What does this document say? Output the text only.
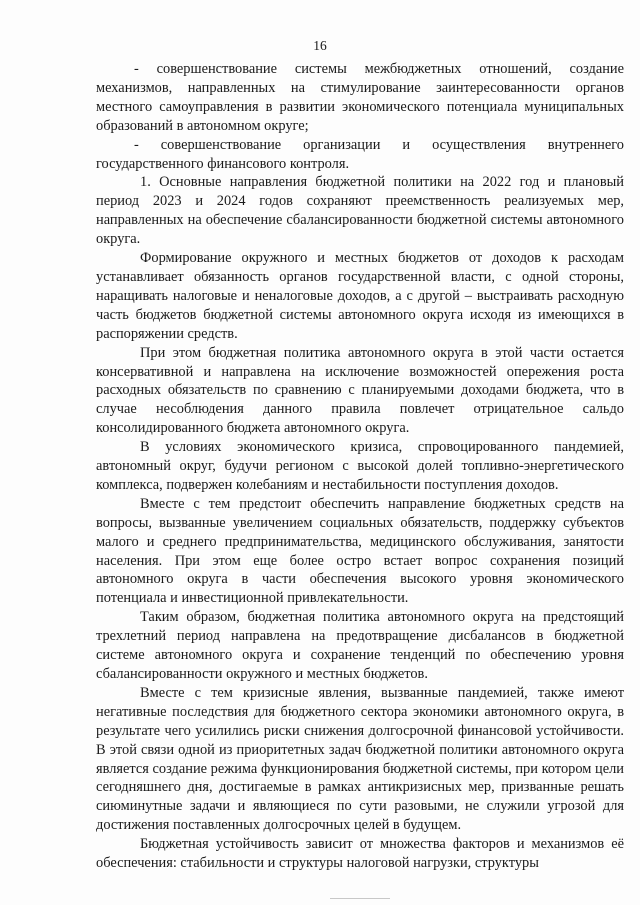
16

- совершенствование системы межбюджетных отношений, создание механизмов, направленных на стимулирование заинтересованности органов местного самоуправления в развитии экономического потенциала муниципальных образований в автономном округе;

- совершенствование организации и осуществления внутреннего государственного финансового контроля.

1. Основные направления бюджетной политики на 2022 год и плановый период 2023 и 2024 годов сохраняют преемственность реализуемых мер, направленных на обеспечение сбалансированности бюджетной системы автономного округа.

Формирование окружного и местных бюджетов от доходов к расходам устанавливает обязанность органов государственной власти, с одной стороны, наращивать налоговые и неналоговые доходов, а с другой – выстраивать расходную часть бюджетов бюджетной системы автономного округа исходя из имеющихся в распоряжении средств.

При этом бюджетная политика автономного округа в этой части остается консервативной и направлена на исключение возможностей опережения роста расходных обязательств по сравнению с планируемыми доходами бюджета, что в случае несоблюдения данного правила повлечет отрицательное сальдо консолидированного бюджета автономного округа.

В условиях экономического кризиса, спровоцированного пандемией, автономный округ, будучи регионом с высокой долей топливно-энергетического комплекса, подвержен колебаниям и нестабильности поступления доходов.

Вместе с тем предстоит обеспечить направление бюджетных средств на вопросы, вызванные увеличением социальных обязательств, поддержку субъектов малого и среднего предпринимательства, медицинского обслуживания, занятости населения. При этом еще более остро встает вопрос сохранения позиций автономного округа в части обеспечения высокого уровня экономического потенциала и инвестиционной привлекательности.

Таким образом, бюджетная политика автономного округа на предстоящий трехлетний период направлена на предотвращение дисбалансов в бюджетной системе автономного округа и сохранение тенденций по обеспечению уровня сбалансированности окружного и местных бюджетов.

Вместе с тем кризисные явления, вызванные пандемией, также имеют негативные последствия для бюджетного сектора экономики автономного округа, в результате чего усилились риски снижения долгосрочной финансовой устойчивости. В этой связи одной из приоритетных задач бюджетной политики автономного округа является создание режима функционирования бюджетной системы, при котором цели сегодняшнего дня, достигаемые в рамках антикризисных мер, призванные решать сиюминутные задачи и являющиеся по сути разовыми, не служили угрозой для достижения поставленных долгосрочных целей в будущем.

Бюджетная устойчивость зависит от множества факторов и механизмов её обеспечения: стабильности и структуры налоговой нагрузки, структуры
